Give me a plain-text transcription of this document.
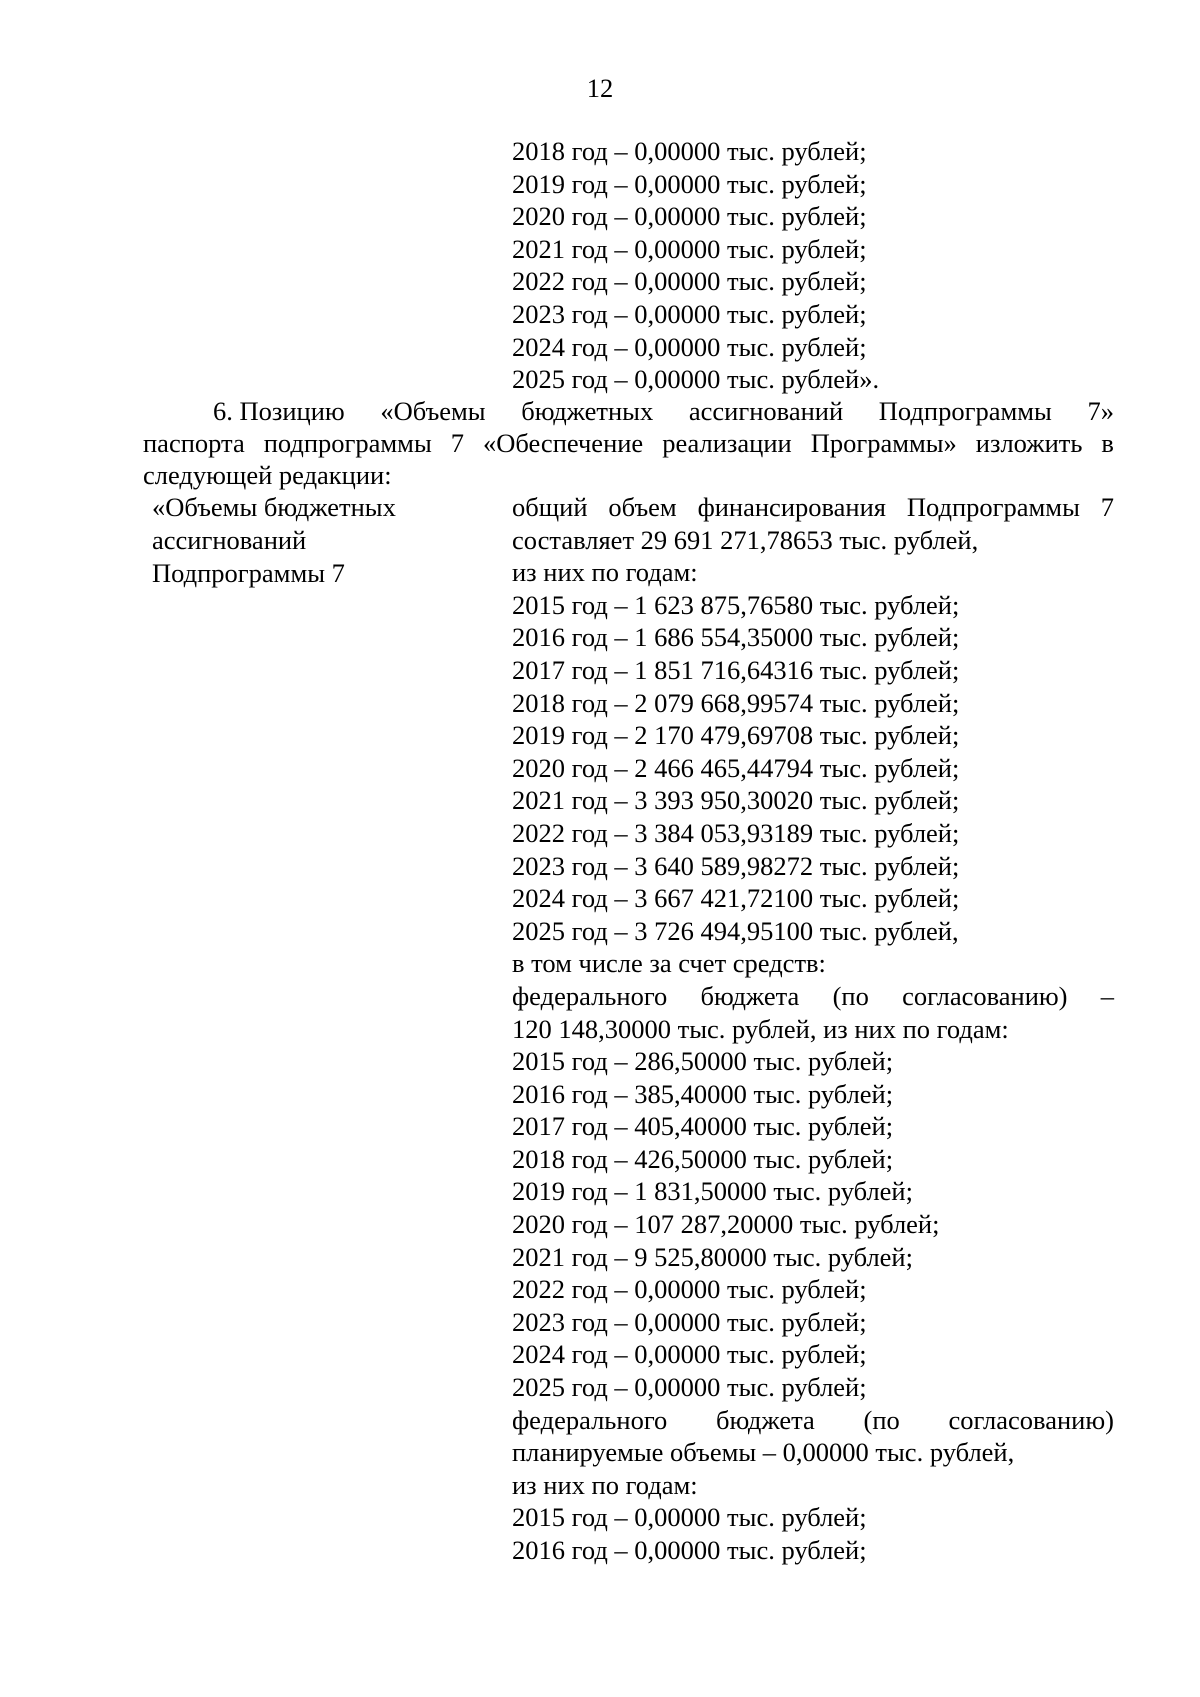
12
2018 год – 0,00000 тыс. рублей;
2019 год – 0,00000 тыс. рублей;
2020 год – 0,00000 тыс. рублей;
2021 год – 0,00000 тыс. рублей;
2022 год – 0,00000 тыс. рублей;
2023 год – 0,00000 тыс. рублей;
2024 год – 0,00000 тыс. рублей;
2025 год – 0,00000 тыс. рублей».
6. Позицию «Объемы бюджетных ассигнований Подпрограммы 7»
паспорта подпрограммы 7 «Обеспечение реализации Программы» изложить в
следующей редакции:
«Объемы бюджетных
ассигнований
Подпрограммы 7
общий объем финансирования Подпрограммы 7
составляет 29 691 271,78653 тыс. рублей,
из них по годам:
2015 год – 1 623 875,76580 тыс. рублей;
2016 год – 1 686 554,35000 тыс. рублей;
2017 год – 1 851 716,64316 тыс. рублей;
2018 год – 2 079 668,99574 тыс. рублей;
2019 год – 2 170 479,69708 тыс. рублей;
2020 год – 2 466 465,44794 тыс. рублей;
2021 год – 3 393 950,30020 тыс. рублей;
2022 год – 3 384 053,93189 тыс. рублей;
2023 год – 3 640 589,98272 тыс. рублей;
2024 год – 3 667 421,72100 тыс. рублей;
2025 год – 3 726 494,95100 тыс. рублей,
в том числе за счет средств:
федерального бюджета (по согласованию) –
120 148,30000 тыс. рублей, из них по годам:
2015 год – 286,50000 тыс. рублей;
2016 год – 385,40000 тыс. рублей;
2017 год – 405,40000 тыс. рублей;
2018 год – 426,50000 тыс. рублей;
2019 год – 1 831,50000 тыс. рублей;
2020 год – 107 287,20000 тыс. рублей;
2021 год – 9 525,80000 тыс. рублей;
2022 год – 0,00000 тыс. рублей;
2023 год – 0,00000 тыс. рублей;
2024 год – 0,00000 тыс. рублей;
2025 год – 0,00000 тыс. рублей;
федерального бюджета (по согласованию)
планируемые объемы – 0,00000 тыс. рублей,
из них по годам:
2015 год – 0,00000 тыс. рублей;
2016 год – 0,00000 тыс. рублей;
